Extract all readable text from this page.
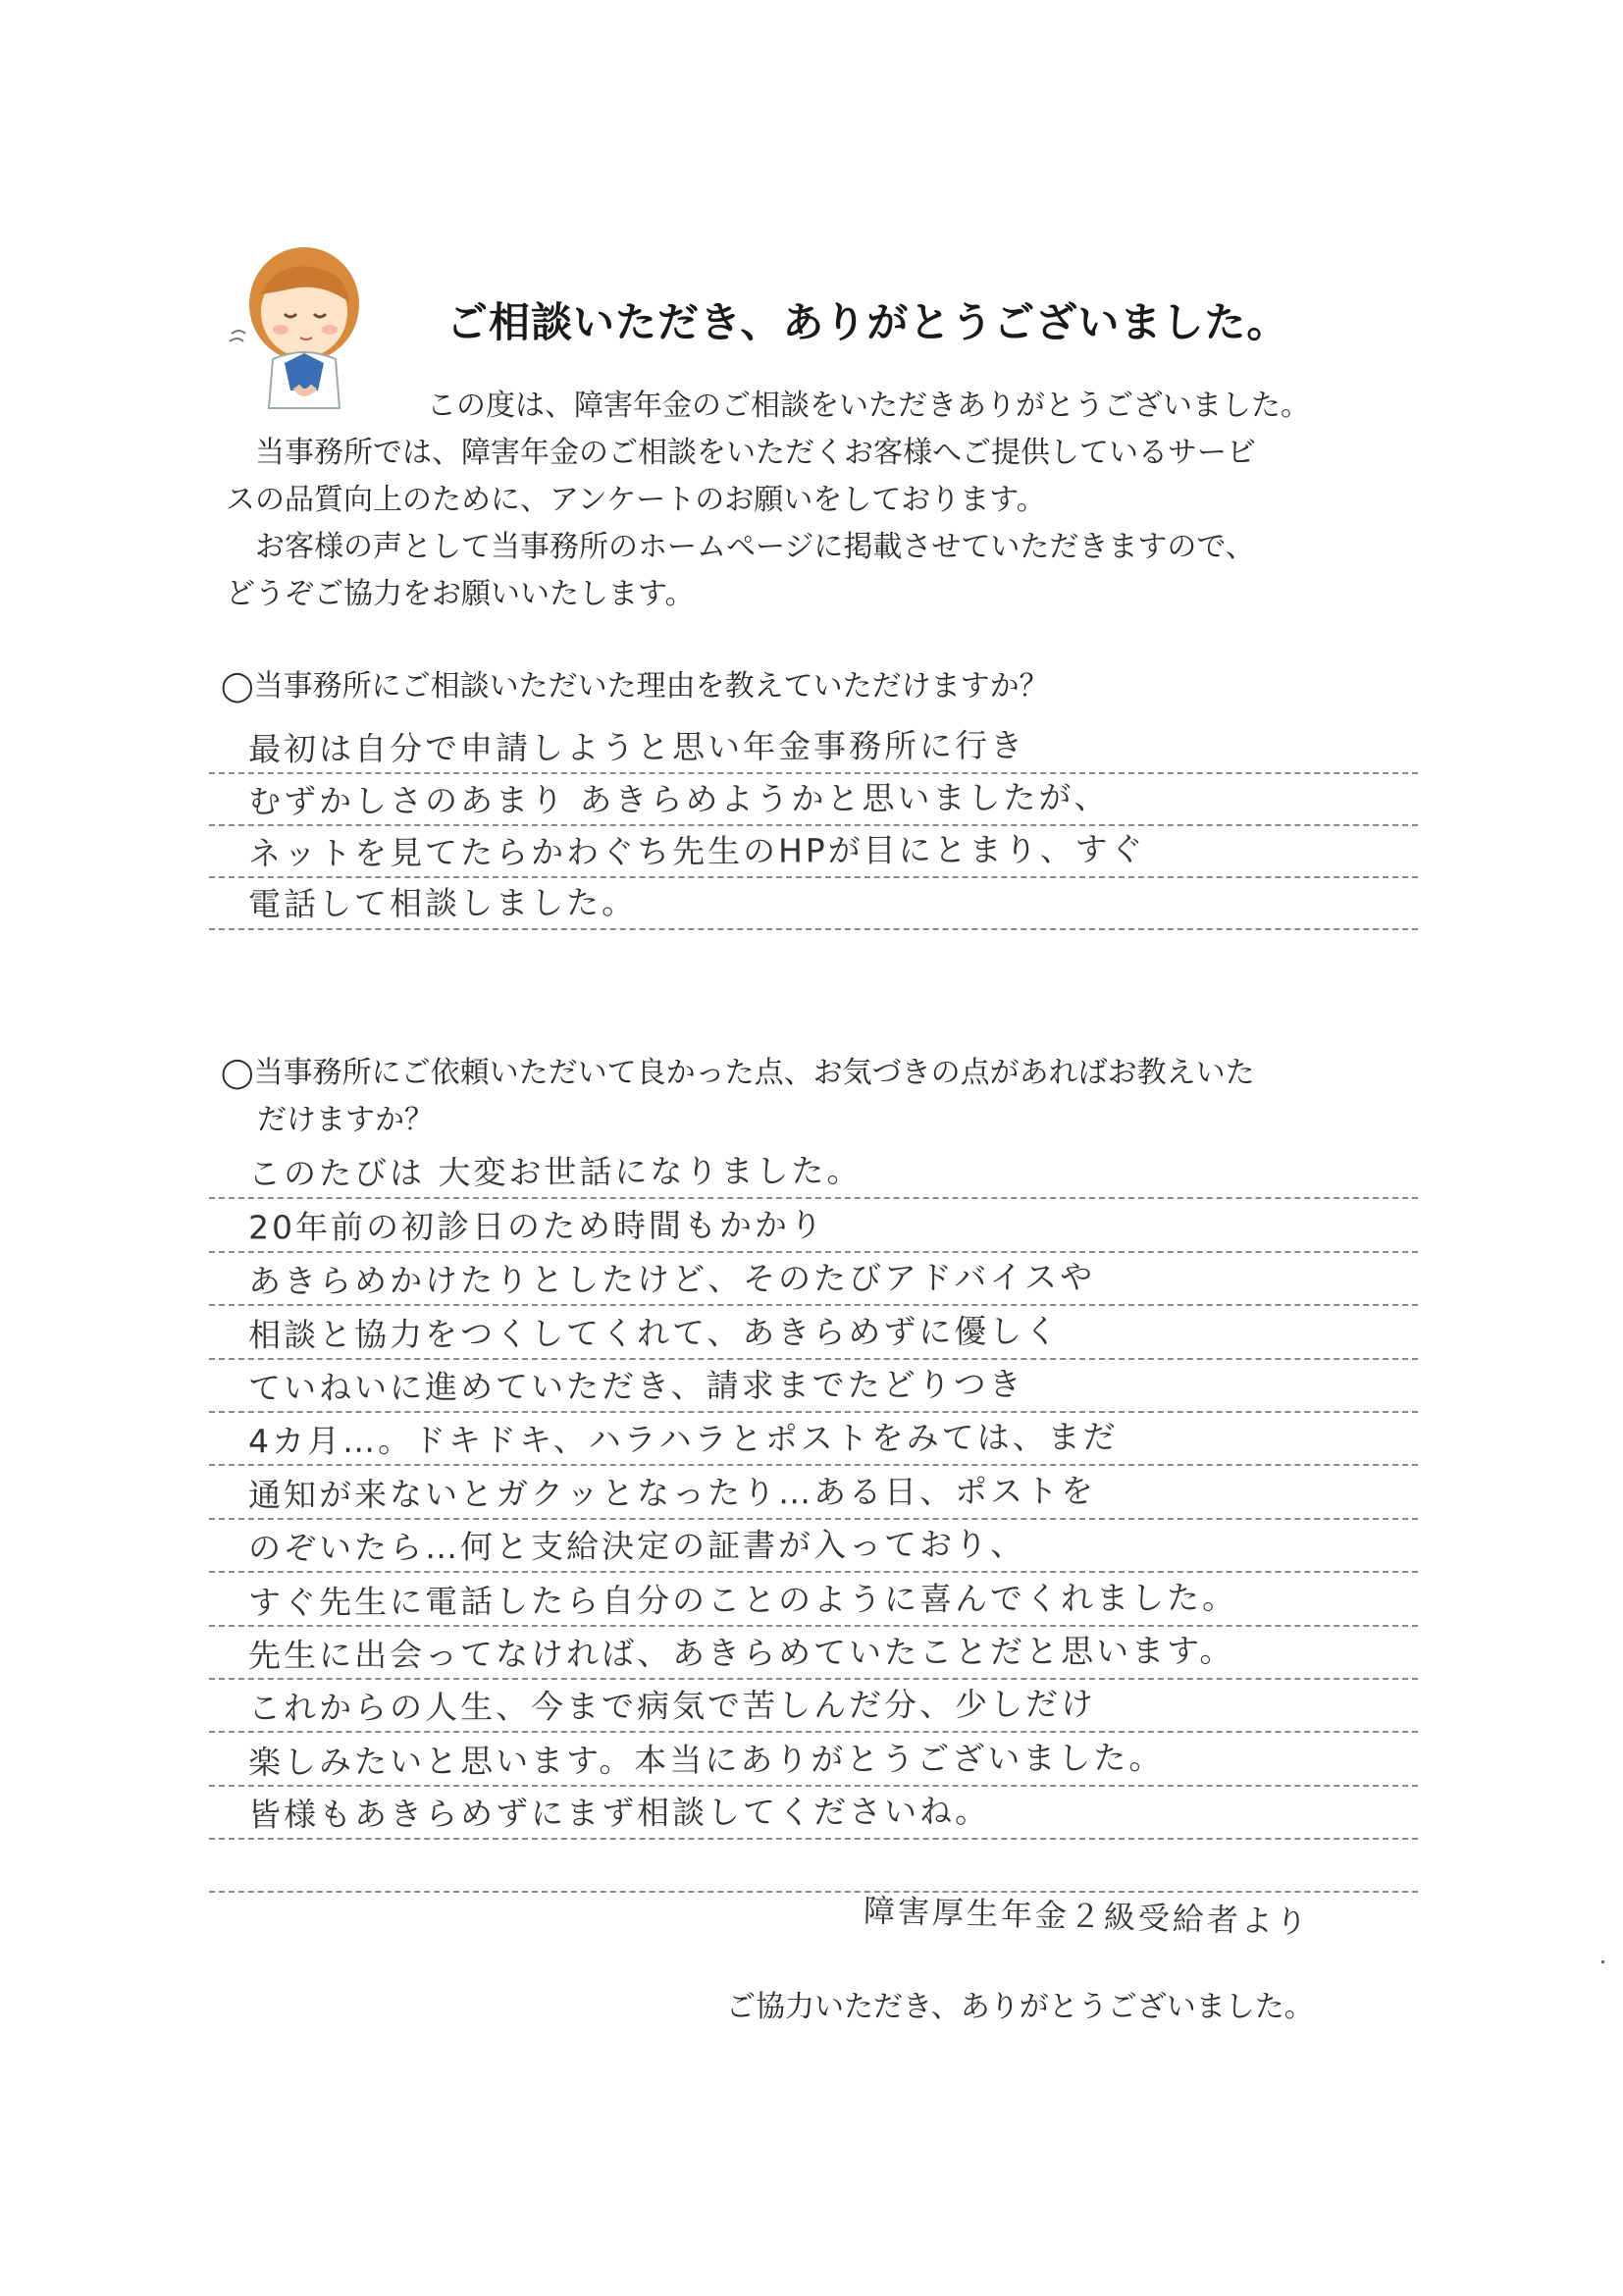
ご相談いただき、ありがとうございました。

この度は、障害年金のご相談をいただきありがとうございました。

当事務所では、障害年金のご相談をいただくお客様へご提供しているサービ

スの品質向上のために、アンケートのお願いをしております。

お客様の声として当事務所のホームページに掲載させていただきますので、

どうぞご協力をお願いいたします。

◯当事務所にご相談いただいた理由を教えていただけますか？
最初は自分で申請しようと思い年金事務所に行き
むずかしさのあまり あきらめようかと思いましたが、
ネットを見てたらかわぐち先生のHPが目にとまり、すぐ
電話して相談しました。
◯当事務所にご依頼いただいて良かった点、お気づきの点があればお教えいた
だけますか？
このたびは 大変お世話になりました。
20年前の初診日のため時間もかかり
あきらめかけたりとしたけど、そのたびアドバイスや
相談と協力をつくしてくれて、あきらめずに優しく
ていねいに進めていただき、請求までたどりつき
4カ月…。ドキドキ、ハラハラとポストをみては、まだ
通知が来ないとガクッとなったり…ある日、ポストを
のぞいたら…何と支給決定の証書が入っており、
すぐ先生に電話したら自分のことのように喜んでくれました。
先生に出会ってなければ、あきらめていたことだと思います。
これからの人生、今まで病気で苦しんだ分、少しだけ
楽しみたいと思います。本当にありがとうございました。
皆様もあきらめずにまず相談してくださいね。
障害厚生年金２級受給者より
ご協力いただき、ありがとうございました。
